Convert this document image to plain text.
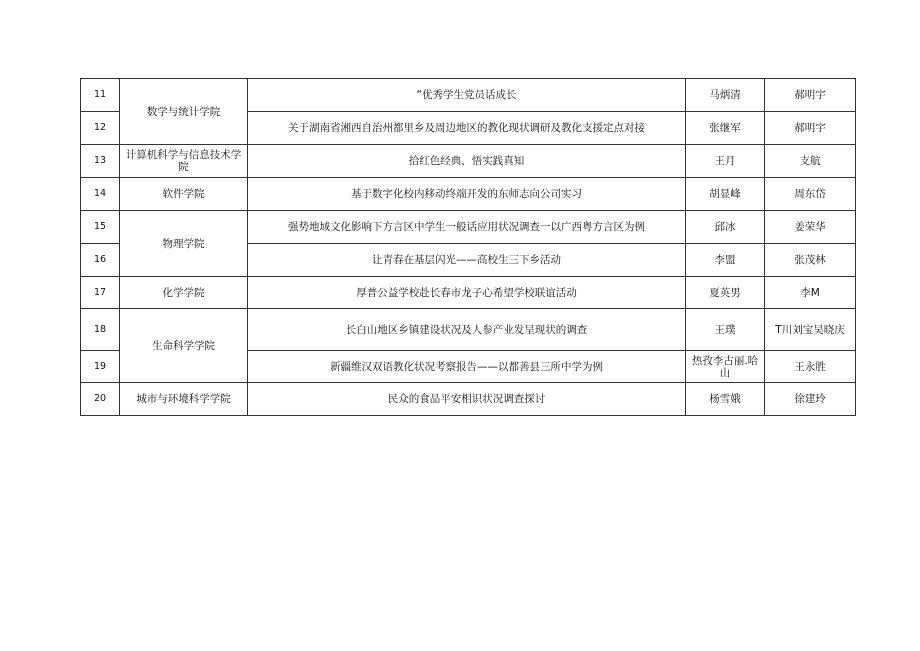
11	数学与统计学院	“优秀学生党员话成长	马炳清	郝明宇
12		关于湖南省湘西自治州都里乡及周边地区的教化现状调研及教化支援定点对接	张继军	郝明宇
13	计算机科学与信息技术学院	拾红色经典，悟实践真知	王月	支航
14	软件学院	基于数字化校内移动终端开发的东师志向公司实习	胡显峰	周东岱
15	物理学院	强势地域文化影响下方言区中学生一般话应用状况调查一以广西粤方言区为例	邱冰	姜荣华
16		让青春在基层闪光——高校生三下乡活动	李盟	张茂林
17	化学学院	厚普公益学校赴长春市龙子心希望学校联谊活动	夏英男	李M
18	生命科学学院	长白山地区乡镇建设状况及人参产业发呈现状的调查	王璞	T川刘宝吴晓庆
19		新疆维汉双语教化状况考察报告——以都善县三所中学为例	热孜李古丽.哈山	王永胜
20	城市与环境科学学院	民众的食品平安相识状况调查探讨	杨雪娥	徐建玲
